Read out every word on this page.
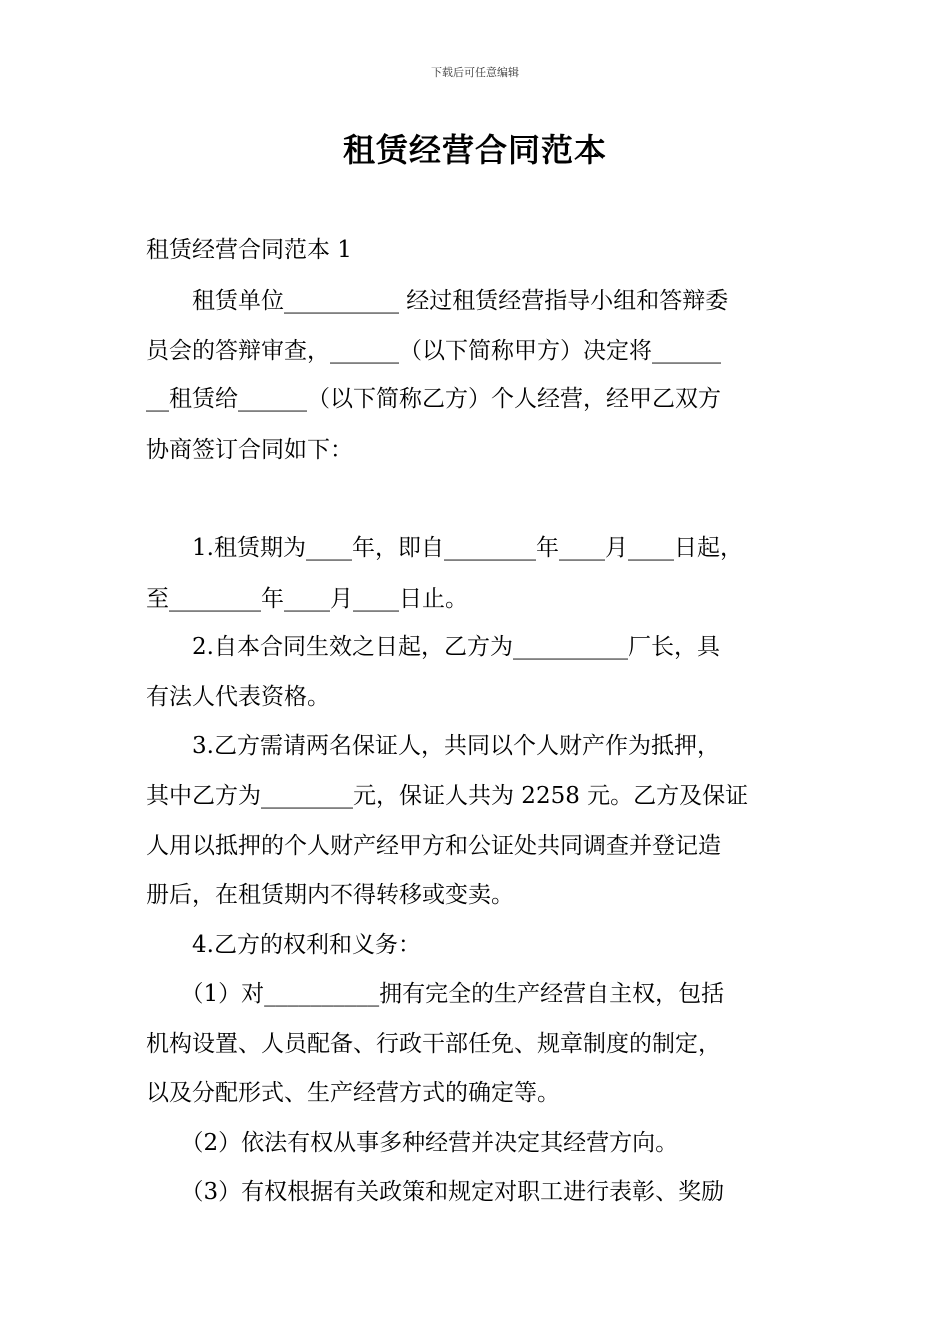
下载后可任意编辑
租赁经营合同范本
租赁经营合同范本 1
　　租赁单位__________ 经过租赁经营指导小组和答辩委
员会的答辩审查，______（以下简称甲方）决定将______
__租赁给______（以下简称乙方）个人经营，经甲乙双方
协商签订合同如下：
　　1.租赁期为____年，即自________年____月____日起，
至________年____月____日止。
　　2.自本合同生效之日起，乙方为__________厂长，具
有法人代表资格。
　　3.乙方需请两名保证人，共同以个人财产作为抵押，
其中乙方为________元，保证人共为 2258 元。乙方及保证
人用以抵押的个人财产经甲方和公证处共同调查并登记造
册后，在租赁期内不得转移或变卖。
　　4.乙方的权利和义务：
　　（1）对__________拥有完全的生产经营自主权，包括
机构设置、人员配备、行政干部任免、规章制度的制定，
以及分配形式、生产经营方式的确定等。
　　（2）依法有权从事多种经营并决定其经营方向。
　　（3）有权根据有关政策和规定对职工进行表彰、奖励
